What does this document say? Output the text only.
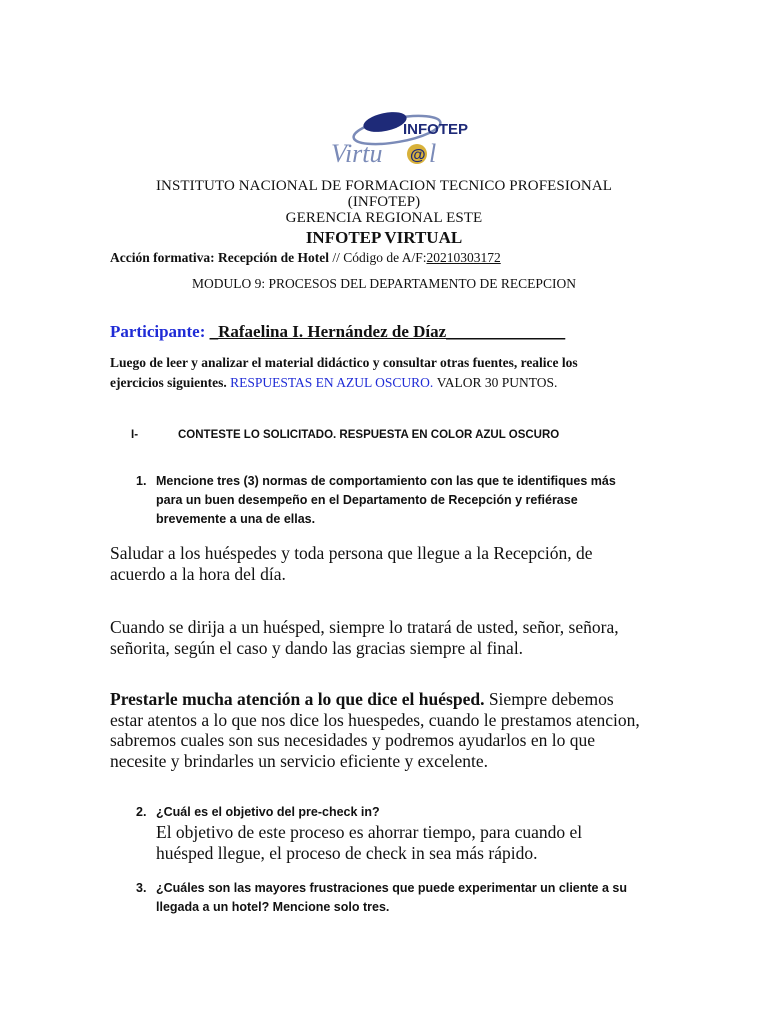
INFOTEP
Virtu @ l
INSTITUTO NACIONAL DE FORMACION TECNICO PROFESIONAL
(INFOTEP)
GERENCIA REGIONAL ESTE
INFOTEP VIRTUAL
Acción formativa: Recepción de Hotel // Código de A/F:20210303172
MODULO 9: PROCESOS DEL DEPARTAMENTO DE RECEPCION
Participante: _Rafaelina I. Hernández de Díaz______________
Luego de leer y analizar el material didáctico y consultar otras fuentes, realice los
ejercicios siguientes. RESPUESTAS EN AZUL OSCURO. VALOR 30 PUNTOS.
I-	CONTESTE LO SOLICITADO. RESPUESTA EN COLOR AZUL OSCURO
1. Mencione tres (3) normas de comportamiento con las que te identifiques más
para un buen desempeño en el Departamento de Recepción y refiérase
brevemente a una de ellas.
Saludar a los huéspedes y toda persona que llegue a la Recepción, de
acuerdo a la hora del día.
Cuando se dirija a un huésped, siempre lo tratará de usted, señor, señora,
señorita, según el caso y dando las gracias siempre al final.
Prestarle mucha atención a lo que dice el huésped. Siempre debemos
estar atentos a lo que nos dice los huespedes, cuando le prestamos atencion,
sabremos cuales son sus necesidades y podremos ayudarlos en lo que
necesite y brindarles un servicio eficiente y excelente.
2. ¿Cuál es el objetivo del pre-check in?
El objetivo de este proceso es ahorrar tiempo, para cuando el
huésped llegue, el proceso de check in sea más rápido.
3. ¿Cuáles son las mayores frustraciones que puede experimentar un cliente a su
llegada a un hotel? Mencione solo tres.
